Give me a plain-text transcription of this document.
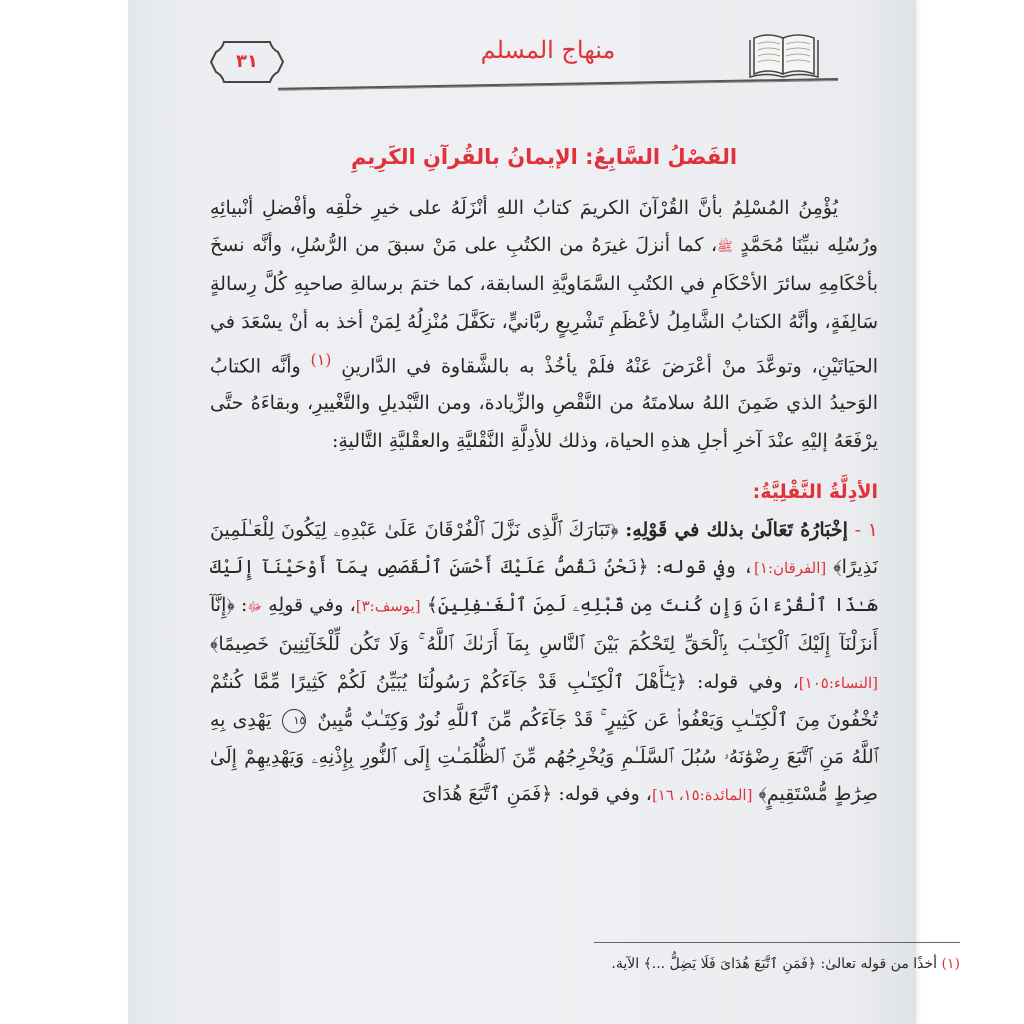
٣١	منهاج المسلم
الفَصْلُ السَّابِعُ: الإيمانُ بالقُرآنِ الكَرِيمِ

يُؤْمِنُ المُسْلِمُ بأنَّ القُرْآنَ الكريمَ كتابُ اللهِ أنْزَلَهُ على خيرِ خلْقِه وأفْضلِ أنْبيائِهِ ورُسُلِه نبيِّنَا مُحَمَّدٍ ﷺ، كما أنزلَ غيرَهُ من الكتُبِ على مَنْ سبقَ من الرُّسُلِ، وأنَّه نسخَ بأحْكَامِهِ سائرَ الأحْكَامِ في الكتُبِ السَّمَاويَّةِ السابقة، كما ختمَ برسالةِ صاحبِهِ كُلَّ رِسالةٍ سَالِفَةٍ، وأنَّهُ الكتابُ الشَّامِلُ لأعْظَمِ تَشْرِيعٍ ربَّانيٍّ، تكَفَّلَ مُنْزِلُهُ لِمَنْ أخذ به أنْ يسْعَدَ في الحيَاتَيْنِ، وتوعَّدَ منْ أعْرَضَ عَنْهُ فلَمْ يأخُذْ به بالشَّقاوة في الدَّارينِ $^{(١)}$ وأنَّه الكتابُ الوَحيدُ الذي ضَمِنَ اللهُ سلامتَهُ من النَّقْصِ والزِّيادة، ومن التَّبْديلِ والتَّغْييرِ، وبقاءَهُ حتَّى يرْفَعَهُ إليْهِ عنْدَ آخرِ أجلِ هذهِ الحياة، وذلك للأدِلَّةِ النَّقْليَّةِ والعقْليَّةِ التَّاليةِ:

الأدِلَّةُ النَّقْلِيَّةُ:

١ - إخْبَارُهُ تَعَالَىٰ بذلك في قَوْلِهِ: ﴿تَبَارَكَ ٱلَّذِى نَزَّلَ ٱلْفُرْقَانَ عَلَىٰ عَبْدِهِۦ لِيَكُونَ لِلْعَـٰلَمِينَ نَذِيرًا﴾ [الفرقان:١]، وفي قوله: ﴿نَحْنُ نَقُصُّ عَلَيْكَ أَحْسَنَ ٱلْقَصَصِ بِمَآ أَوْحَيْنَآ إِلَيْكَ هَـٰذَا ٱلْقُرْءَانَ وَإِن كُنتَ مِن قَبْلِهِۦ لَمِنَ ٱلْغَـٰفِلِينَ﴾ [يوسف:٣]، وفي قولِهِ ﷻ: ﴿إِنَّآ أَنزَلْنَآ إِلَيْكَ ٱلْكِتَـٰبَ بِٱلْحَقِّ لِتَحْكُمَ بَيْنَ ٱلنَّاسِ بِمَآ أَرَىٰكَ ٱللَّهُ ۚ وَلَا تَكُن لِّلْخَآئِنِينَ خَصِيمًا﴾ [النساء:١٠٥]، وفي قوله: ﴿يَـٰٓأَهْلَ ٱلْكِتَـٰبِ قَدْ جَآءَكُمْ رَسُولُنَا يُبَيِّنُ لَكُمْ كَثِيرًا مِّمَّا كُنتُمْ تُخْفُونَ مِنَ ٱلْكِتَـٰبِ وَيَعْفُوا۟ عَن كَثِيرٍ ۚ قَدْ جَآءَكُم مِّنَ ٱللَّهِ نُورٌ وَكِتَـٰبٌ مُّبِينٌ ١٥ يَهْدِى بِهِ ٱللَّهُ مَنِ ٱتَّبَعَ رِضْوَٰنَهُۥ سُبُلَ ٱلسَّلَـٰمِ وَيُخْرِجُهُم مِّنَ ٱلظُّلُمَـٰتِ إِلَى ٱلنُّورِ بِإِذْنِهِۦ وَيَهْدِيهِمْ إِلَىٰ صِرَٰطٍ مُّسْتَقِيمٍ﴾ [المائدة:١٥، ١٦]، وفي قوله: ﴿فَمَنِ ٱتَّبَعَ هُدَاىَ

(١) أخذًا من قوله تعالىٰ: ﴿فَمَنِ ٱتَّبَعَ هُدَاىَ فَلَا يَضِلُّ ...﴾ الآية.
